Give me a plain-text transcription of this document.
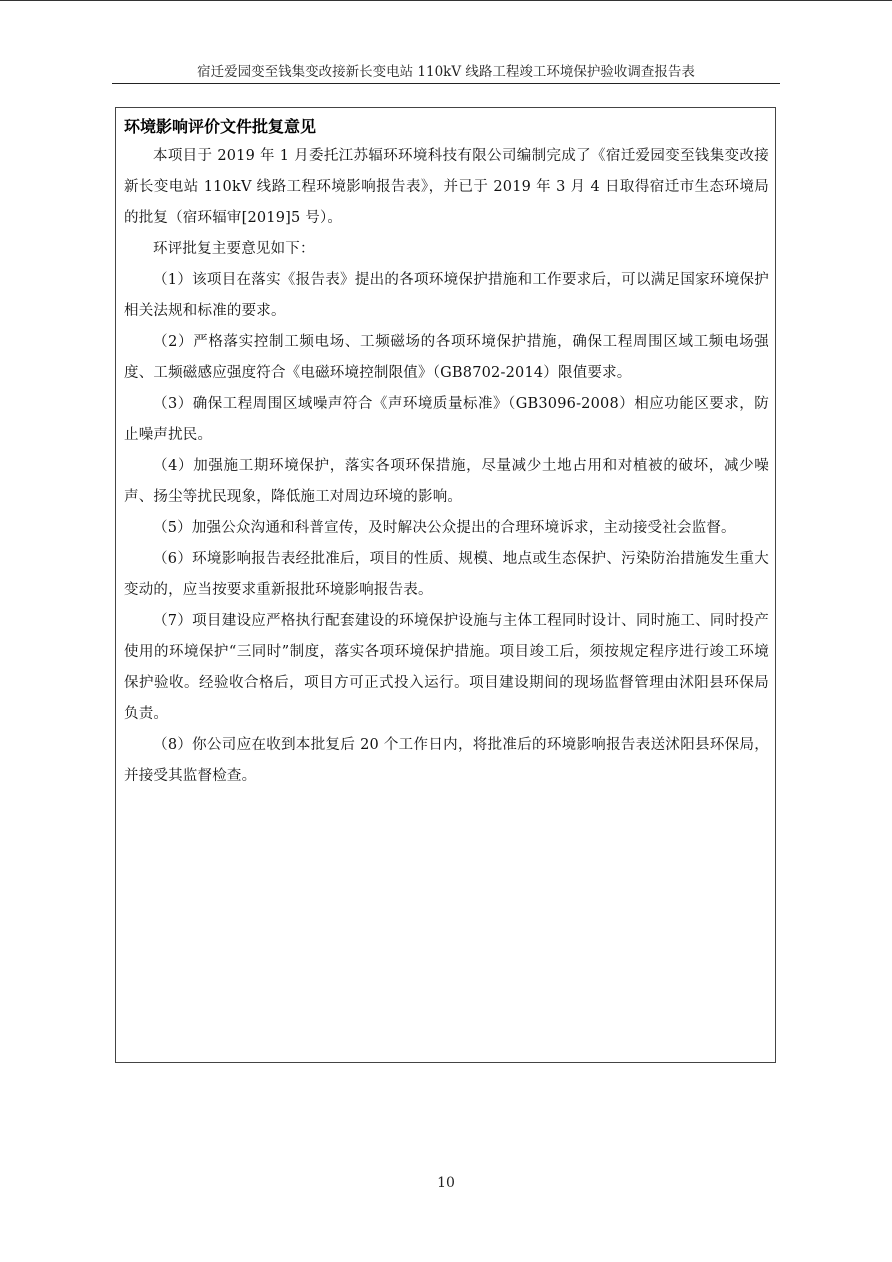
宿迁爱园变至钱集变改接新长变电站 110kV 线路工程竣工环境保护验收调查报告表
环境影响评价文件批复意见

本项目于 2019 年 1 月委托江苏辐环环境科技有限公司编制完成了《宿迁爱园变至钱集变改接新长变电站 110kV 线路工程环境影响报告表》，并已于 2019 年 3 月 4 日取得宿迁市生态环境局的批复（宿环辐审[2019]5 号）。

环评批复主要意见如下：

（1）该项目在落实《报告表》提出的各项环境保护措施和工作要求后，可以满足国家环境保护相关法规和标准的要求。

（2）严格落实控制工频电场、工频磁场的各项环境保护措施，确保工程周围区域工频电场强度、工频磁感应强度符合《电磁环境控制限值》（GB8702-2014）限值要求。

（3）确保工程周围区域噪声符合《声环境质量标准》（GB3096-2008）相应功能区要求，防止噪声扰民。

（4）加强施工期环境保护，落实各项环保措施，尽量减少土地占用和对植被的破坏，减少噪声、扬尘等扰民现象，降低施工对周边环境的影响。

（5）加强公众沟通和科普宣传，及时解决公众提出的合理环境诉求，主动接受社会监督。

（6）环境影响报告表经批准后，项目的性质、规模、地点或生态保护、污染防治措施发生重大变动的，应当按要求重新报批环境影响报告表。

（7）项目建设应严格执行配套建设的环境保护设施与主体工程同时设计、同时施工、同时投产使用的环境保护“三同时”制度，落实各项环境保护措施。项目竣工后，须按规定程序进行竣工环境保护验收。经验收合格后，项目方可正式投入运行。项目建设期间的现场监督管理由沭阳县环保局负责。

（8）你公司应在收到本批复后 20 个工作日内，将批准后的环境影响报告表送沭阳县环保局，并接受其监督检查。

10
